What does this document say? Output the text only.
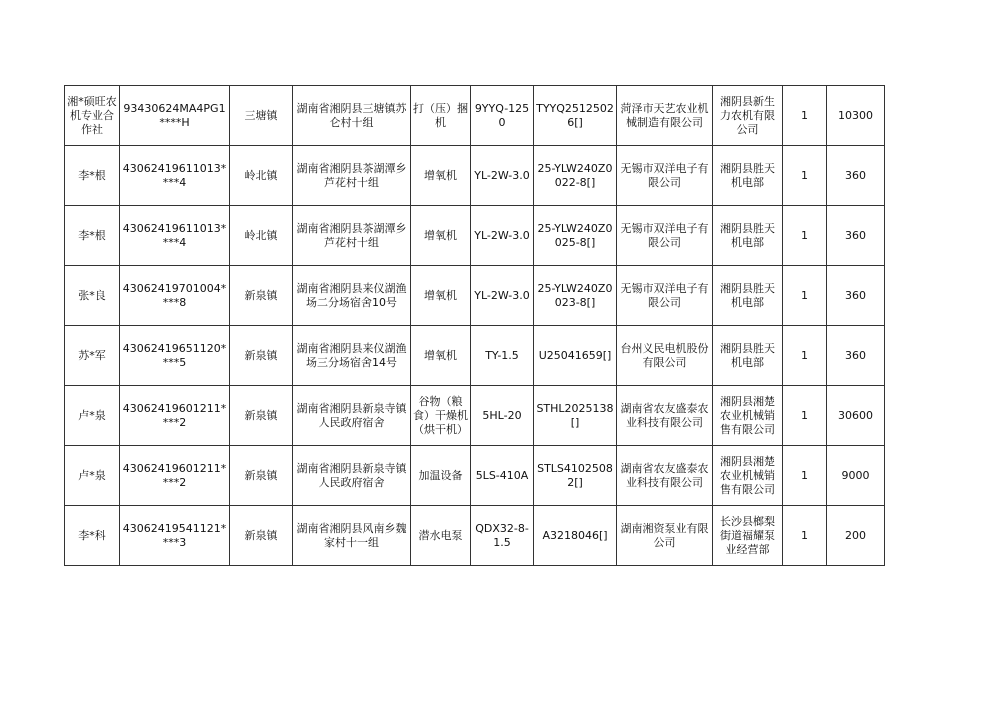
湘*硕旺农机专业合作社	93430624MA4PG1****H	三塘镇	湖南省湘阴县三塘镇苏仑村十组	打（压）捆机	9YYQ-1250	TYYQ25125026[]	菏泽市天艺农业机械制造有限公司	湘阴县新生力农机有限公司	1	10300
李*根	43062419611013****4	岭北镇	湖南省湘阴县茶湖潭乡芦花村十组	增氧机	YL-2W-3.0	25-YLW240Z0022-8[]	无锡市双洋电子有限公司	湘阴县胜天机电部	1	360
李*根	43062419611013****4	岭北镇	湖南省湘阴县茶湖潭乡芦花村十组	增氧机	YL-2W-3.0	25-YLW240Z0025-8[]	无锡市双洋电子有限公司	湘阴县胜天机电部	1	360
张*良	43062419701004****8	新泉镇	湖南省湘阴县来仪湖渔场二分场宿舍10号	增氧机	YL-2W-3.0	25-YLW240Z0023-8[]	无锡市双洋电子有限公司	湘阴县胜天机电部	1	360
苏*军	43062419651120****5	新泉镇	湖南省湘阴县来仪湖渔场三分场宿舍14号	增氧机	TY-1.5	U25041659[]	台州义民电机股份有限公司	湘阴县胜天机电部	1	360
卢*泉	43062419601211****2	新泉镇	湖南省湘阴县新泉寺镇人民政府宿舍	谷物（粮食）干燥机（烘干机）	5HL-20	STHL2025138[]	湖南省农友盛泰农业科技有限公司	湘阴县湘楚农业机械销售有限公司	1	30600
卢*泉	43062419601211****2	新泉镇	湖南省湘阴县新泉寺镇人民政府宿舍	加温设备	5LS-410A	STLS41025082[]	湖南省农友盛泰农业科技有限公司	湘阴县湘楚农业机械销售有限公司	1	9000
李*科	43062419541121****3	新泉镇	湖南省湘阴县风南乡魏家村十一组	潜水电泵	QDX32-8-1.5	A3218046[]	湖南湘资泵业有限公司	长沙县榔梨街道福耀泵业经营部	1	200
